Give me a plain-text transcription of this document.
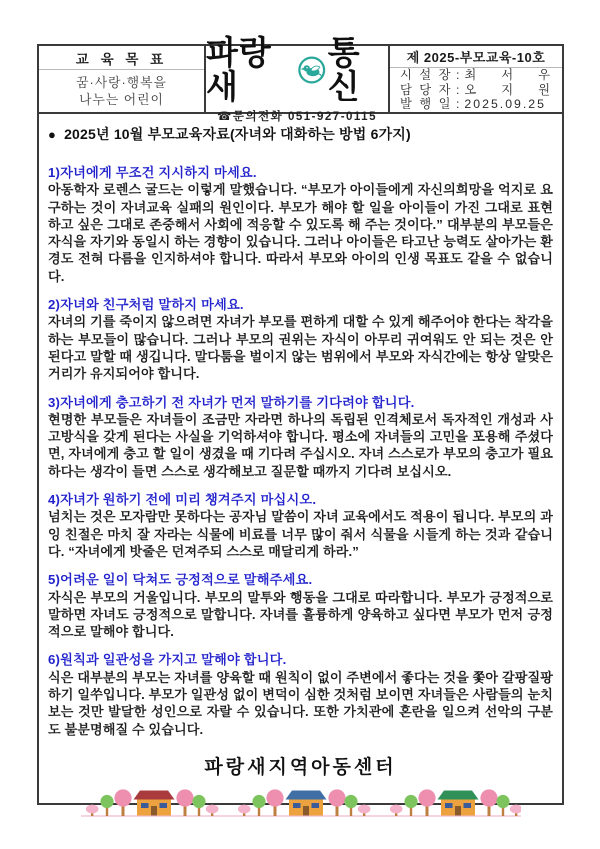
교 육 목 표
꿈·사랑·행복을
나누는 어린이
파랑새
통신
☎문의전화 051-927-0115
제 2025-부모교육-10호
시 설 장 : 최 서 우
담 당 자 : 오 지 원
발 행 일 : 2025.09.25
● 2025년 10월 부모교육자료(자녀와 대화하는 방법 6가지)
1)자녀에게 무조건 지시하지 마세요.
아동학자 로렌스 굴드는 이렇게 말했습니다. “부모가 아이들에게 자신의희망을 억지로 요구하는 것이 자녀교육 실패의 원인이다. 부모가 해야 할 일을 아이들이 가진 그대로 표현하고 싶은 그대로 존중해서 사회에 적응할 수 있도록 해 주는 것이다.” 대부분의 부모들은 자식을 자기와 동일시 하는 경향이 있습니다. 그러나 아이들은 타고난 능력도 살아가는 환경도 전혀 다름을 인지하셔야 합니다. 따라서 부모와 아이의 인생 목표도 같을 수 없습니다.
2)자녀와 친구처럼 말하지 마세요.
자녀의 기를 죽이지 않으려면 자녀가 부모를 편하게 대할 수 있게 해주어야 한다는 착각을 하는 부모들이 많습니다. 그러나 부모의 권위는 자식이 아무리 귀여워도 안 되는 것은 안된다고 말할 때 생깁니다. 말다툼을 벌이지 않는 범위에서 부모와 자식간에는 항상 알맞은 거리가 유지되어야 합니다.
3)자녀에게 충고하기 전 자녀가 먼저 말하기를 기다려야 합니다.
현명한 부모들은 자녀들이 조금만 자라면 하나의 독립된 인격체로서 독자적인 개성과 사고방식을 갖게 된다는 사실을 기억하셔야 합니다. 평소에 자녀들의 고민을 포용해 주셨다면, 자녀에게 충고 할 일이 생겼을 때 기다려 주십시오. 자녀 스스로가 부모의 충고가 필요하다는 생각이 들면 스스로 생각해보고 질문할 때까지 기다려 보십시오.
4)자녀가 원하기 전에 미리 챙겨주지 마십시오.
넘치는 것은 모자람만 못하다는 공자님 말씀이 자녀 교육에서도 적용이 됩니다. 부모의 과잉 친절은 마치 잘 자라는 식물에 비료를 너무 많이 줘서 식물을 시들게 하는 것과 같습니다. “자녀에게 밧줄은 던져주되 스스로 매달리게 하라.”
5)어려운 일이 닥쳐도 긍정적으로 말해주세요.
자식은 부모의 거울입니다. 부모의 말투와 행동을 그대로 따라합니다. 부모가 긍정적으로 말하면 자녀도 긍정적으로 말합니다. 자녀를 훌륭하게 양육하고 싶다면 부모가 먼저 긍정적으로 말해야 합니다.
6)원칙과 일관성을 가지고 말해야 합니다.
식은 대부분의 부모는 자녀를 양육할 때 원칙이 없이 주변에서 좋다는 것을 쫓아 갈팡질팡하기 일쑤입니다. 부모가 일관성 없이 변덕이 심한 것처럼 보이면 자녀들은 사람들의 눈치 보는 것만 발달한 성인으로 자랄 수 있습니다. 또한 가치관에 혼란을 일으켜 선악의 구분도 불분명해질 수 있습니다.
파랑새지역아동센터
